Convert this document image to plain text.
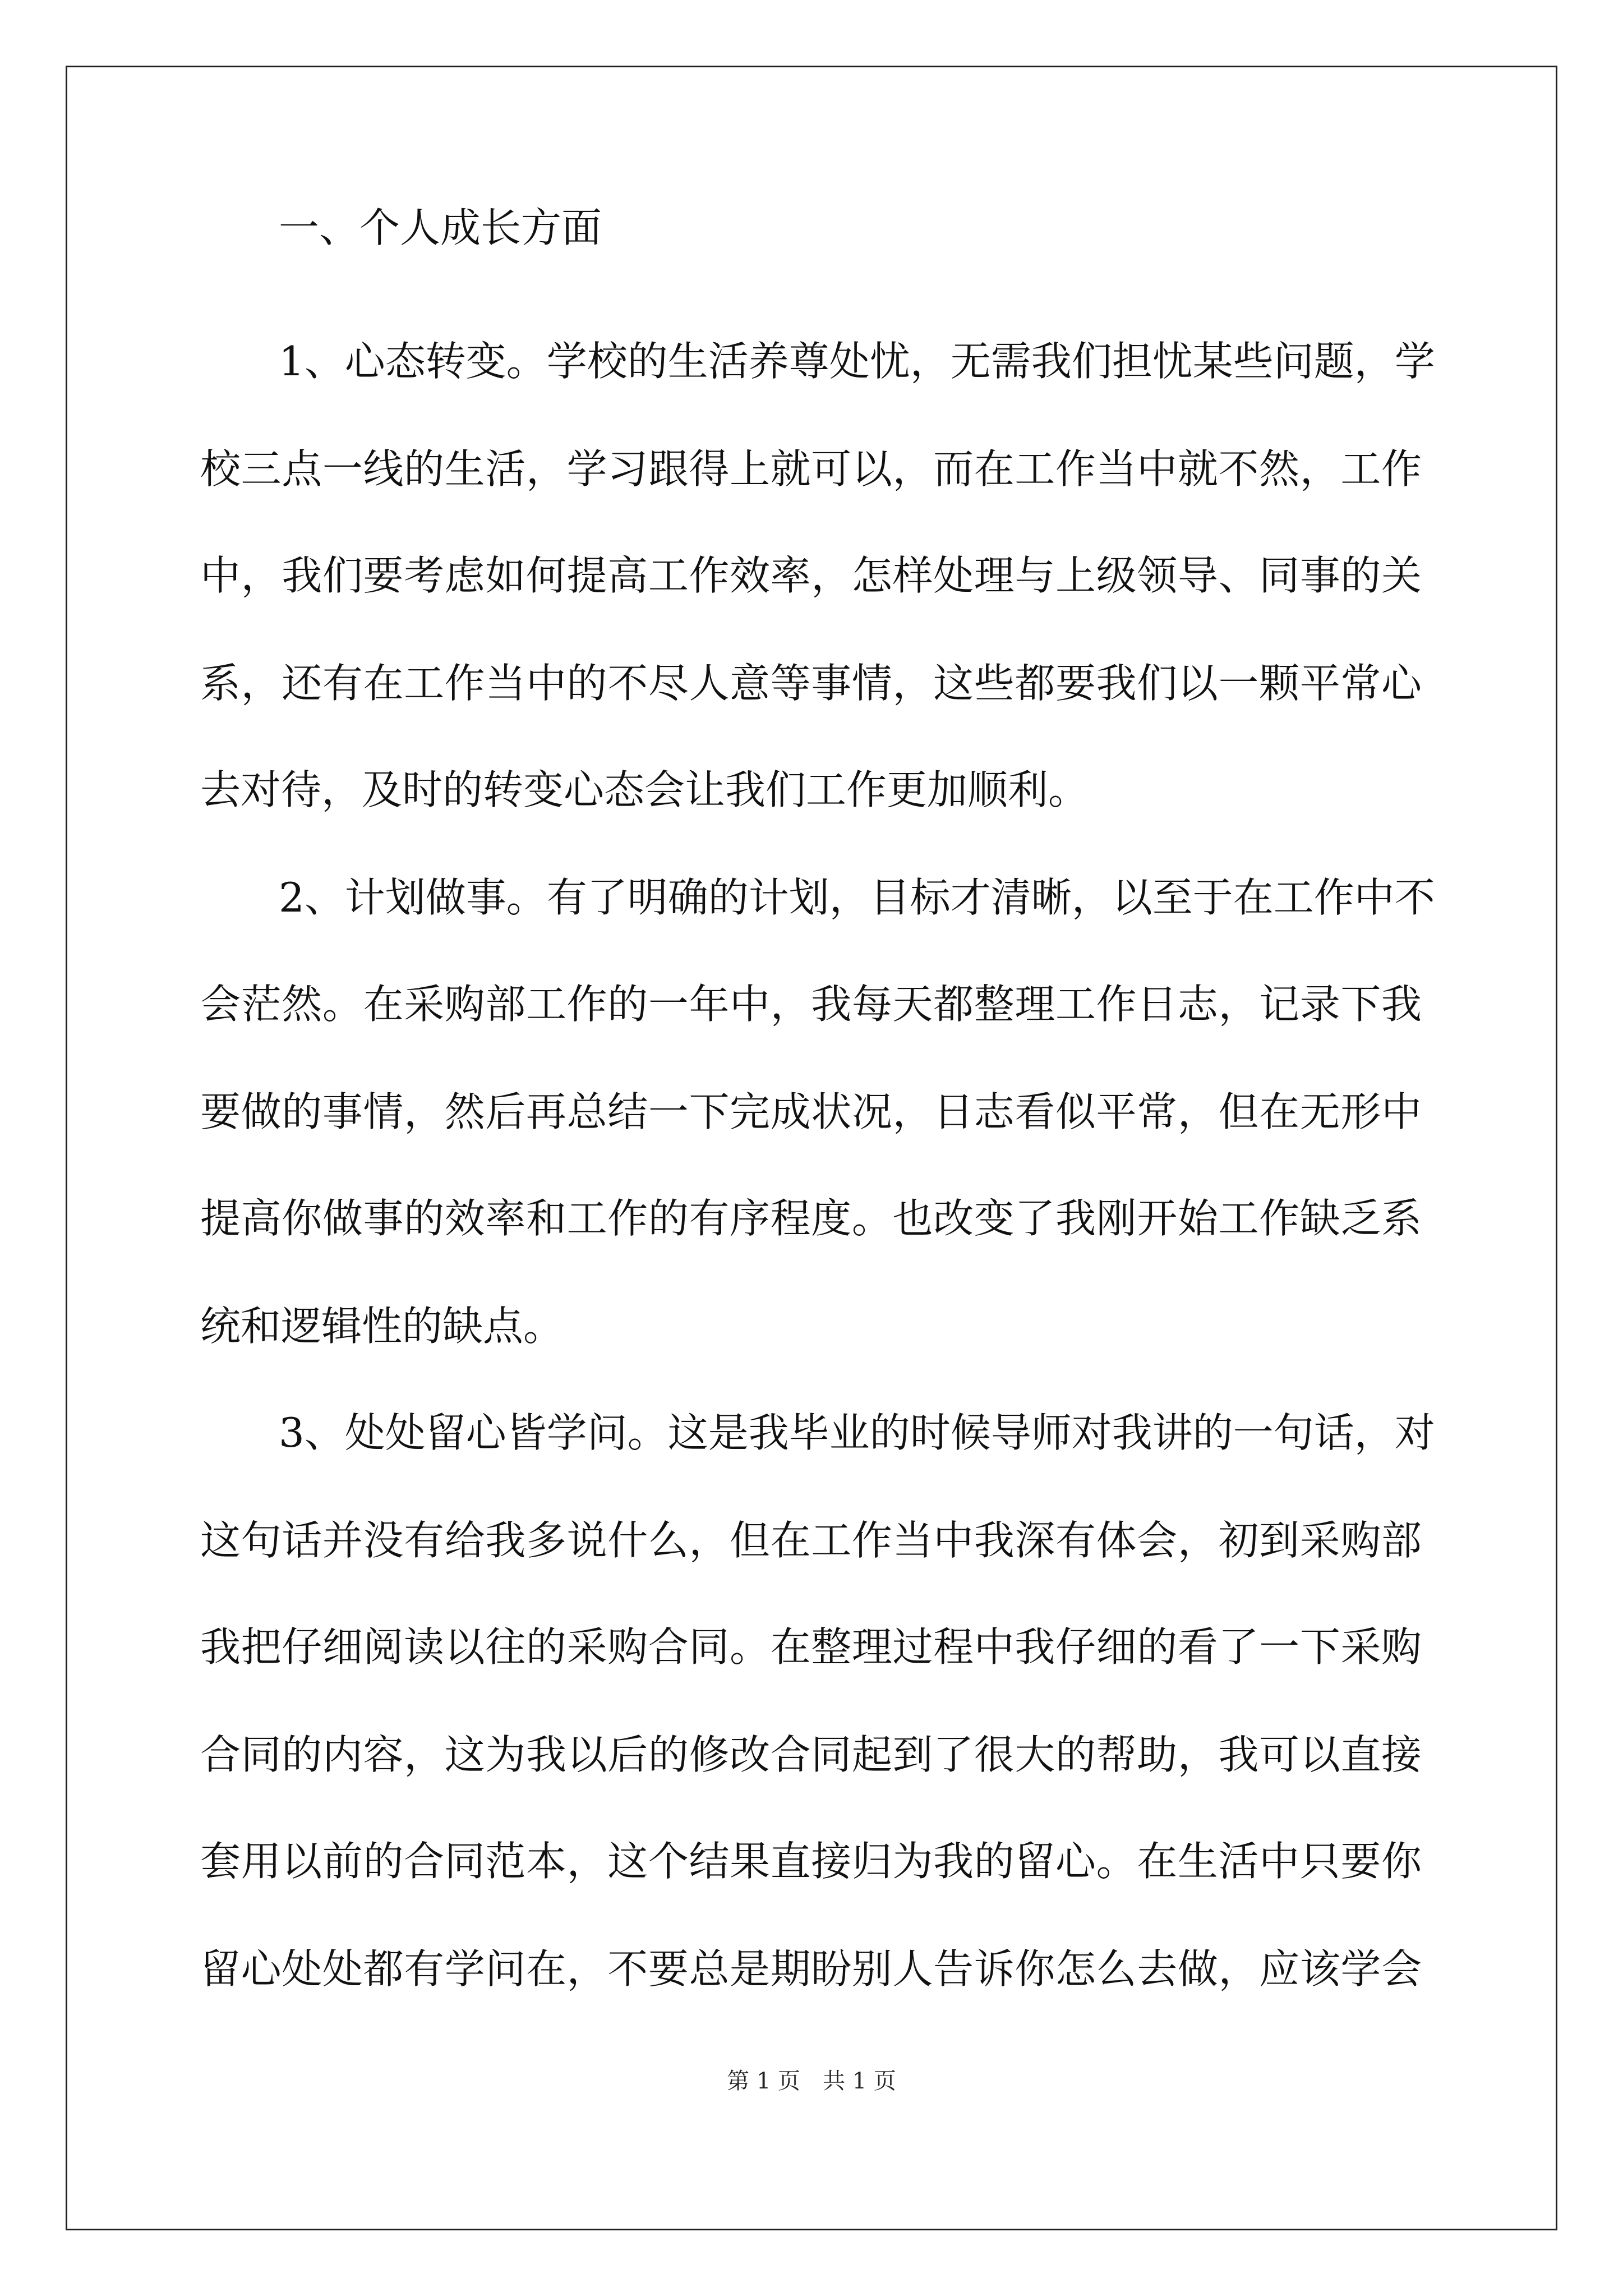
一、个人成长方面
1、心态转变。学校的生活养尊处忧，无需我们担忧某些问题，学
校三点一线的生活，学习跟得上就可以，而在工作当中就不然，工作
中，我们要考虑如何提高工作效率，怎样处理与上级领导、同事的关
系，还有在工作当中的不尽人意等事情，这些都要我们以一颗平常心
去对待，及时的转变心态会让我们工作更加顺利。
2、计划做事。有了明确的计划，目标才清晰，以至于在工作中不
会茫然。在采购部工作的一年中，我每天都整理工作日志，记录下我
要做的事情，然后再总结一下完成状况，日志看似平常，但在无形中
提高你做事的效率和工作的有序程度。也改变了我刚开始工作缺乏系
统和逻辑性的缺点。
3、处处留心皆学问。这是我毕业的时候导师对我讲的一句话，对
这句话并没有给我多说什么，但在工作当中我深有体会，初到采购部
我把仔细阅读以往的采购合同。在整理过程中我仔细的看了一下采购
合同的内容，这为我以后的修改合同起到了很大的帮助，我可以直接
套用以前的合同范本，这个结果直接归为我的留心。在生活中只要你
留心处处都有学问在，不要总是期盼别人告诉你怎么去做，应该学会
第 1 页　共 1 页
